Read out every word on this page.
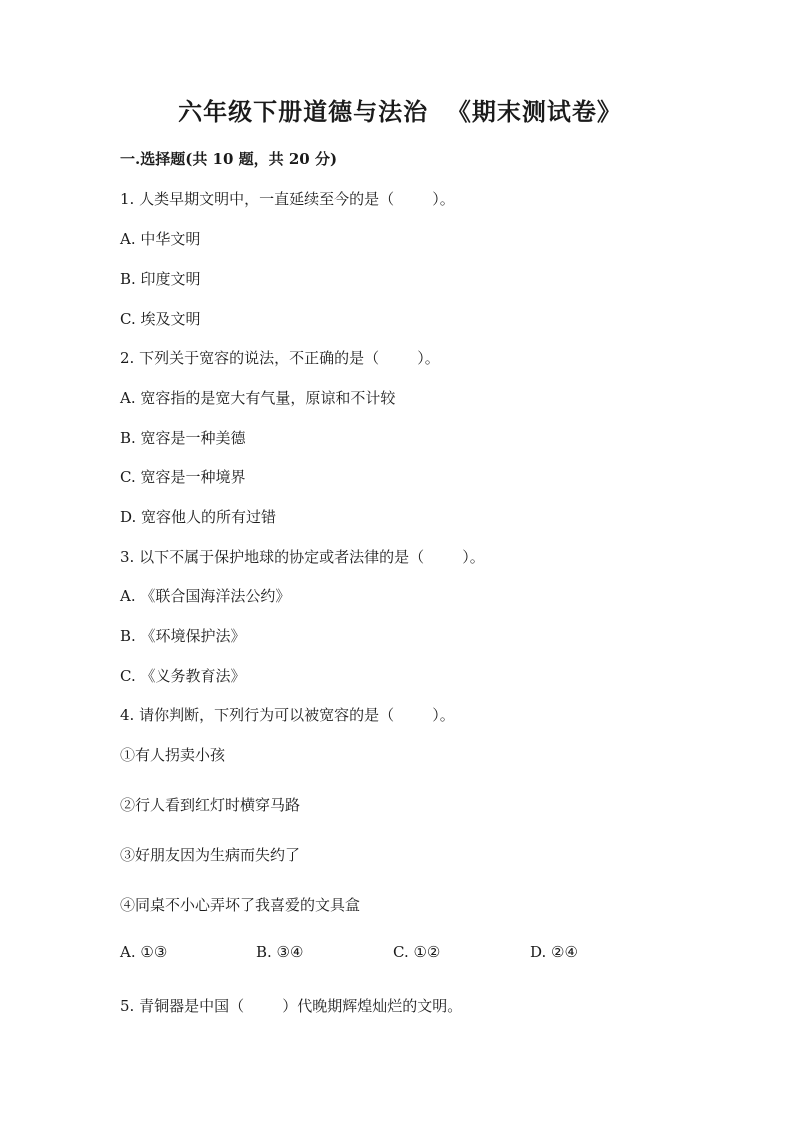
六年级下册道德与法治  《期末测试卷》
一.选择题(共 10 题，共 20 分)
1. 人类早期文明中，一直延续至今的是（        ）。
A. 中华文明
B. 印度文明
C. 埃及文明
2. 下列关于宽容的说法，不正确的是（        ）。
A. 宽容指的是宽大有气量，原谅和不计较
B. 宽容是一种美德
C. 宽容是一种境界
D. 宽容他人的所有过错
3. 以下不属于保护地球的协定或者法律的是（        ）。
A. 《联合国海洋法公约》
B. 《环境保护法》
C. 《义务教育法》
4. 请你判断，下列行为可以被宽容的是（        ）。
①有人拐卖小孩
②行人看到红灯时横穿马路
③好朋友因为生病而失约了
④同桌不小心弄坏了我喜爱的文具盒
A. ①③	B. ③④	C. ①②	D. ②④
5. 青铜器是中国（        ）代晚期辉煌灿烂的文明。
